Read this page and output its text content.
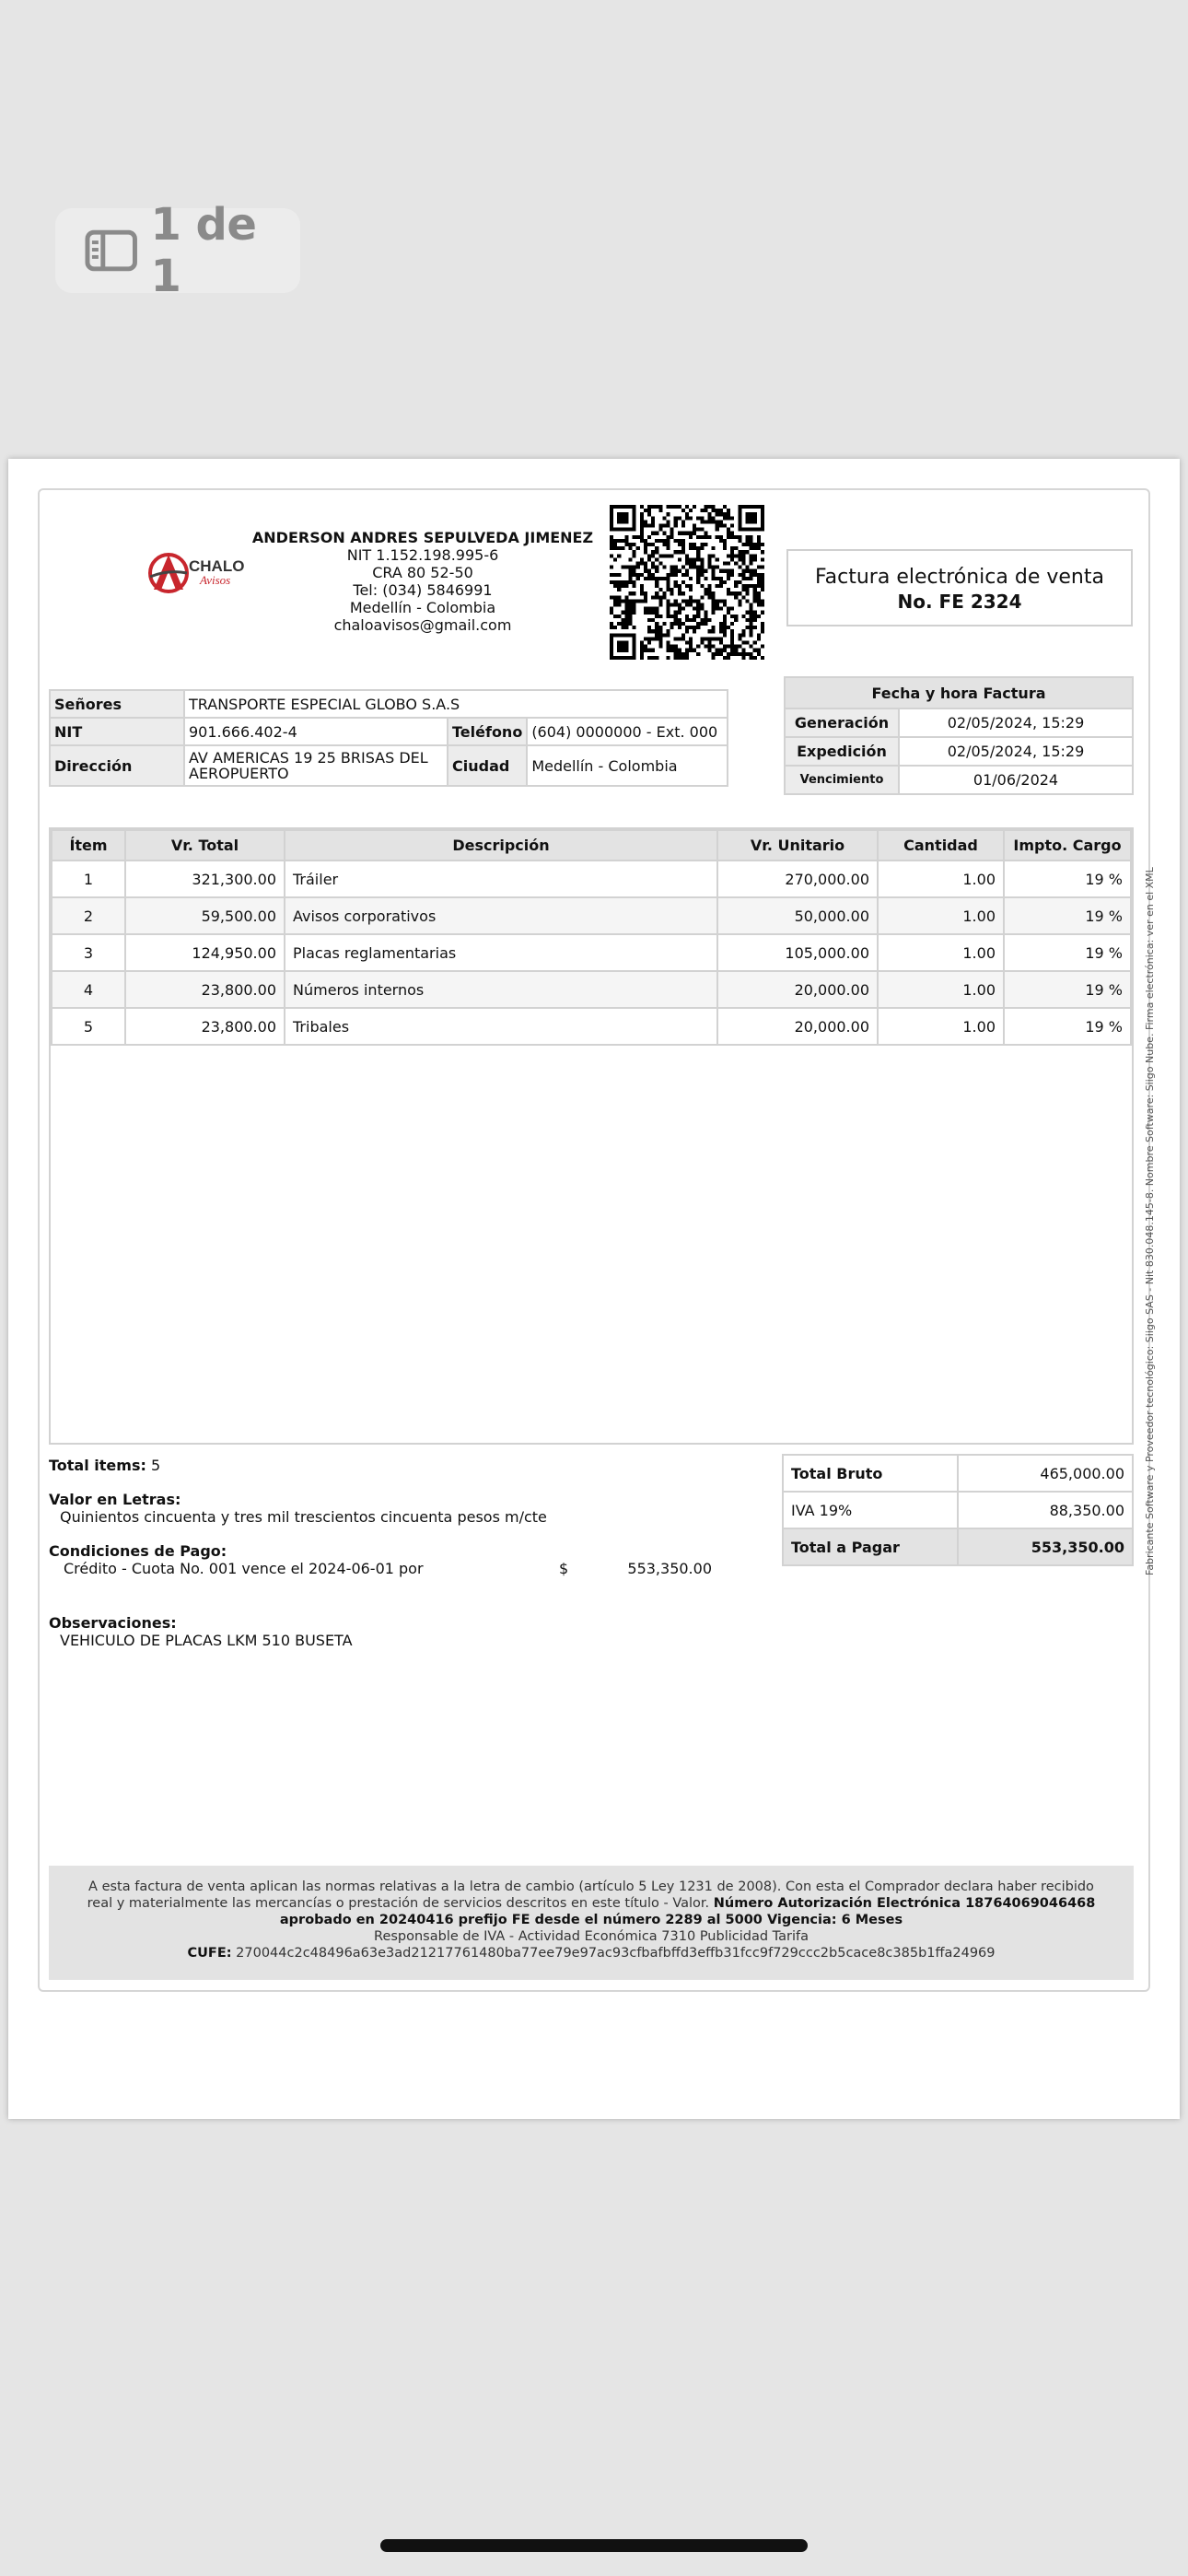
1 de 1
CHALO
Avisos
ANDERSON ANDRES SEPULVEDA JIMENEZ
NIT 1.152.198.995-6
CRA 80 52-50
Tel: (034) 5846991
Medellín - Colombia
chaloavisos@gmail.com
Factura electrónica de venta
No. FE 2324
Señores	TRANSPORTE ESPECIAL GLOBO S.A.S		
NIT	901.666.402-4	Teléfono	(604) 0000000 - Ext. 000
Dirección	AV AMERICAS 19 25 BRISAS DEL AEROPUERTO	Ciudad	Medellín - Colombia
Fecha y hora Factura	
Generación	02/05/2024, 15:29
Expedición	02/05/2024, 15:29
Vencimiento	01/06/2024
Ítem	Vr. Total	Descripción	Vr. Unitario	Cantidad	Impto. Cargo
1	321,300.00	Tráiler	270,000.00	1.00	19 %
2	59,500.00	Avisos corporativos	50,000.00	1.00	19 %
3	124,950.00	Placas reglamentarias	105,000.00	1.00	19 %
4	23,800.00	Números internos	20,000.00	1.00	19 %
5	23,800.00	Tribales	20,000.00	1.00	19 %
Total items: 5
Valor en Letras:
Quinientos cincuenta y tres mil trescientos cincuenta pesos m/cte
Condiciones de Pago:
Crédito - Cuota No. 001 vence el 2024-06-01 por	$	553,350.00
Total Bruto	465,000.00
IVA 19%	88,350.00
Total a Pagar	553,350.00
Observaciones:
VEHICULO DE PLACAS LKM 510 BUSETA
A esta factura de venta aplican las normas relativas a la letra de cambio (artículo 5 Ley 1231 de 2008). Con esta el Comprador declara haber recibido real y materialmente las mercancías o prestación de servicios descritos en este título - Valor. Número Autorización Electrónica 18764069046468 aprobado en 20240416 prefijo FE desde el número 2289 al 5000 Vigencia: 6 Meses
Responsable de IVA - Actividad Económica 7310 Publicidad Tarifa
CUFE: 270044c2c48496a63e3ad21217761480ba77ee79e97ac93cfbafbffd3effb31fcc9f729ccc2b5cace8c385b1ffa24969
Fabricante Software y Proveedor tecnológico: Siigo SAS - Nit 830.048.145-8. Nombre Software: Siigo Nube. Firma electrónica: ver en el XML
